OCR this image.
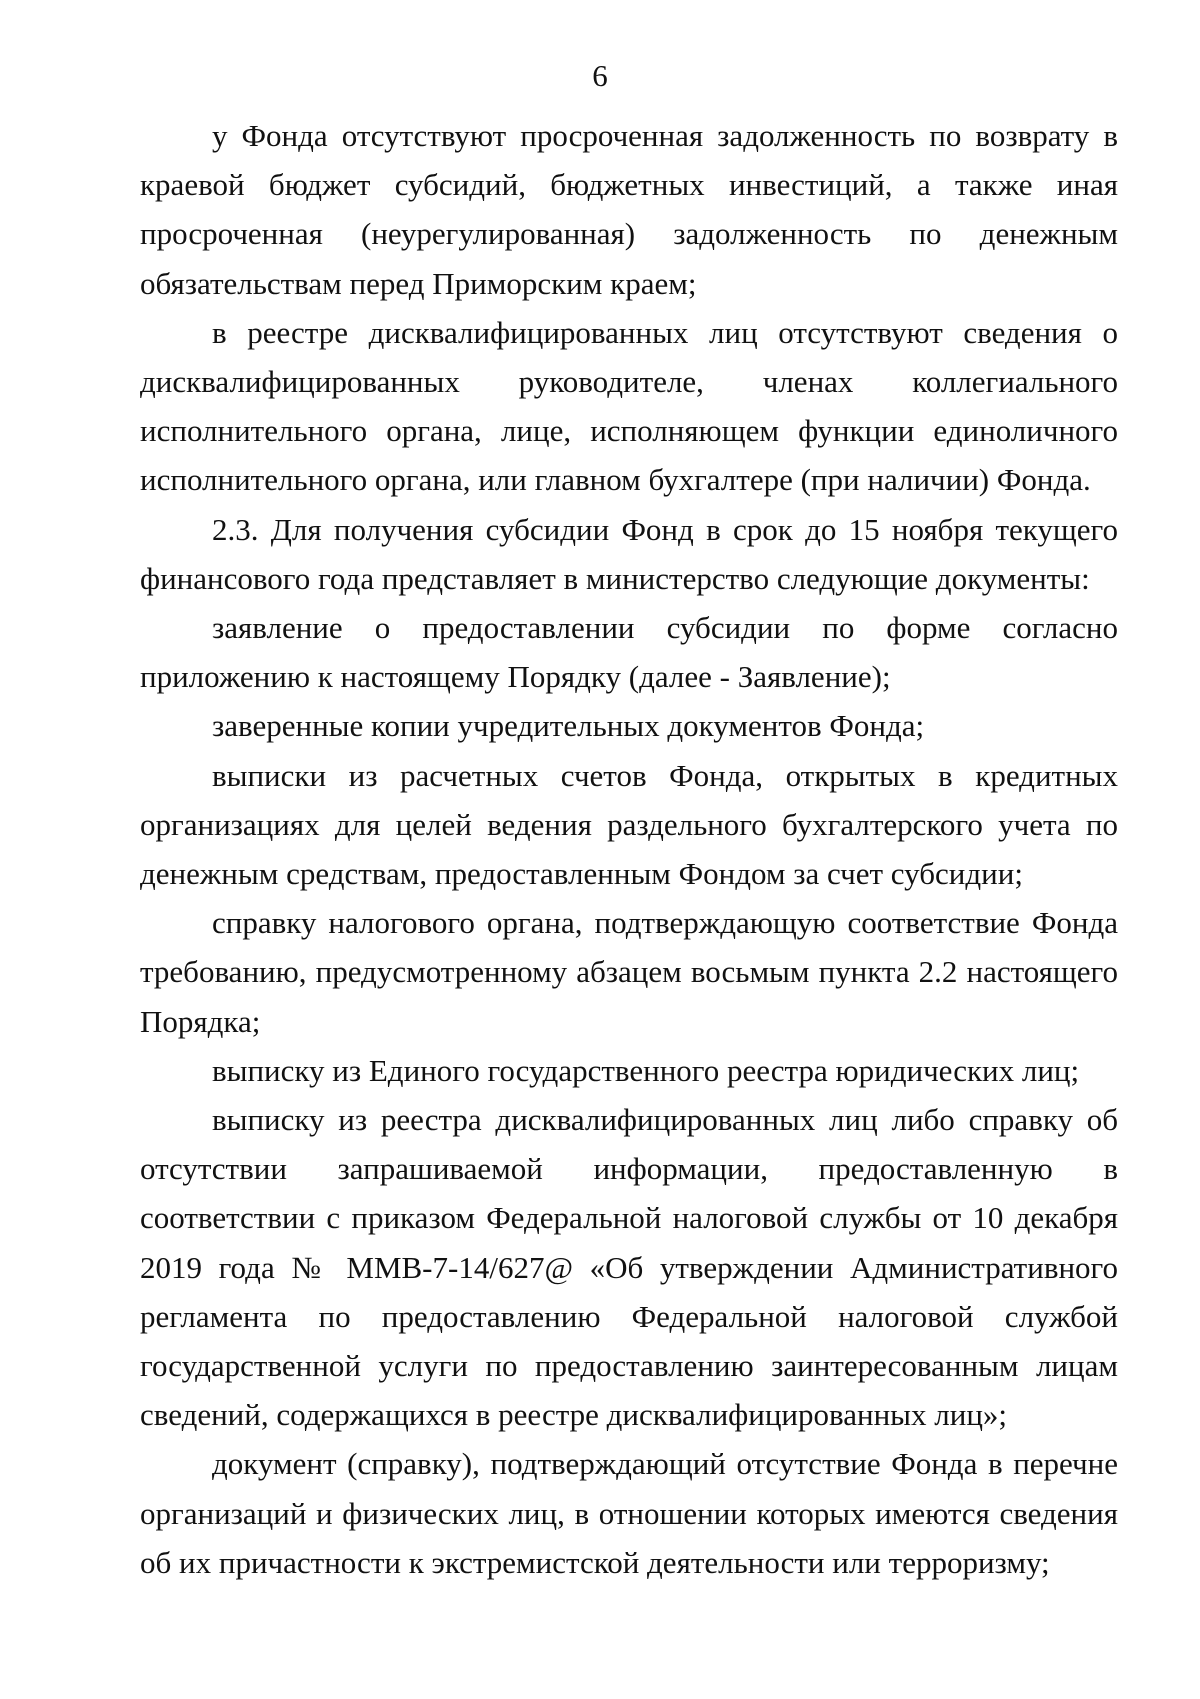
6

у Фонда отсутствуют просроченная задолженность по возврату в краевой бюджет субсидий, бюджетных инвестиций, а также иная просроченная (неурегулированная) задолженность по денежным обязательствам перед Приморским краем;

в реестре дисквалифицированных лиц отсутствуют сведения о дисквалифицированных руководителе, членах коллегиального исполнительного органа, лице, исполняющем функции единоличного исполнительного органа, или главном бухгалтере (при наличии) Фонда.

2.3. Для получения субсидии Фонд в срок до 15 ноября текущего финансового года представляет в министерство следующие документы:

заявление о предоставлении субсидии по форме согласно приложению к настоящему Порядку (далее - Заявление);

заверенные копии учредительных документов Фонда;

выписки из расчетных счетов Фонда, открытых в кредитных организациях для целей ведения раздельного бухгалтерского учета по денежным средствам, предоставленным Фондом за счет субсидии;

справку налогового органа, подтверждающую соответствие Фонда требованию, предусмотренному абзацем восьмым пункта 2.2 настоящего Порядка;

выписку из Единого государственного реестра юридических лиц;

выписку из реестра дисквалифицированных лиц либо справку об отсутствии запрашиваемой информации, предоставленную в соответствии с приказом Федеральной налоговой службы от 10 декабря 2019 года № ММВ-7-14/627@ «Об утверждении Административного регламента по предоставлению Федеральной налоговой службой государственной услуги по предоставлению заинтересованным лицам сведений, содержащихся в реестре дисквалифицированных лиц»;

документ (справку), подтверждающий отсутствие Фонда в перечне организаций и физических лиц, в отношении которых имеются сведения об их причастности к экстремистской деятельности или терроризму;
